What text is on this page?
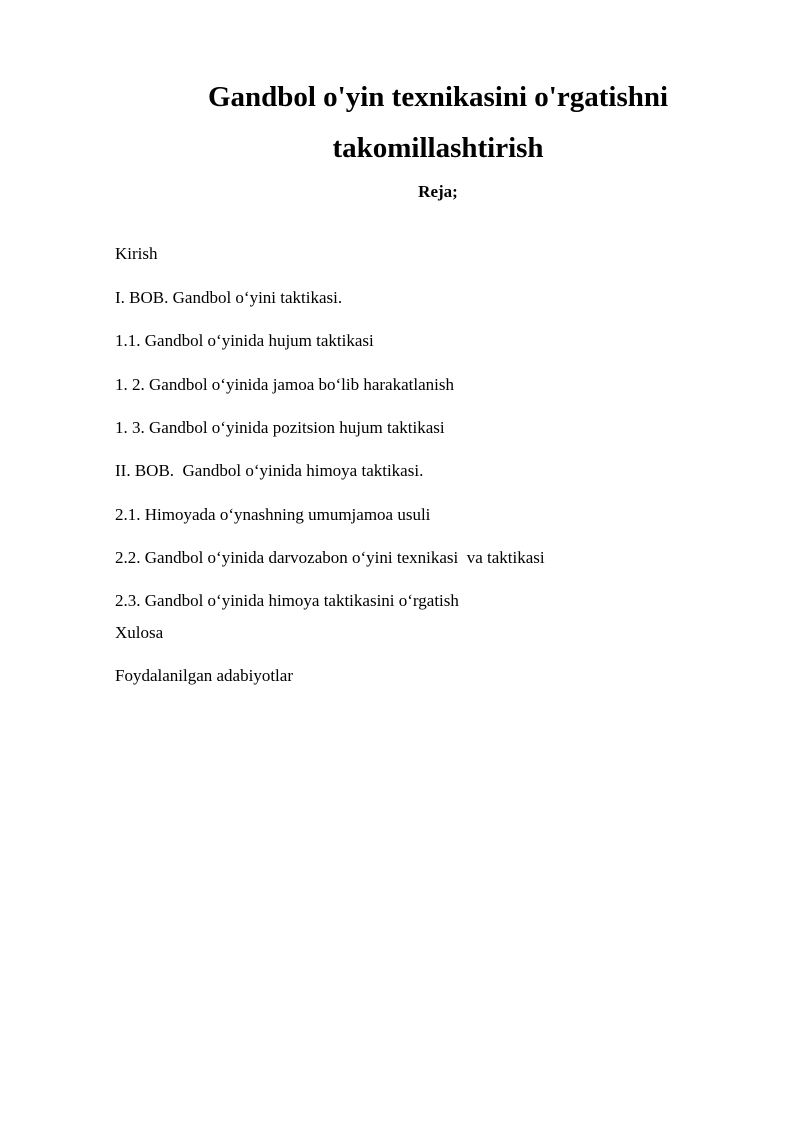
Gandbol o'yin texnikasini o'rgatishni
takomillashtirish
Reja;
Kirish
I. BOB. Gandbol o‘yini taktikasi.
1.1. Gandbol o‘yinida hujum taktikasi
1. 2. Gandbol o‘yinida jamoa bo‘lib harakatlanish
1. 3. Gandbol o‘yinida pozitsion hujum taktikasi
II. BOB.  Gandbol o‘yinida himoya taktikasi.
2.1. Himoyada o‘ynashning umumjamoa usuli
2.2. Gandbol o‘yinida darvozabon o‘yini texnikasi  va taktikasi
2.3. Gandbol o‘yinida himoya taktikasini o‘rgatish
Xulosa
Foydalanilgan adabiyotlar
